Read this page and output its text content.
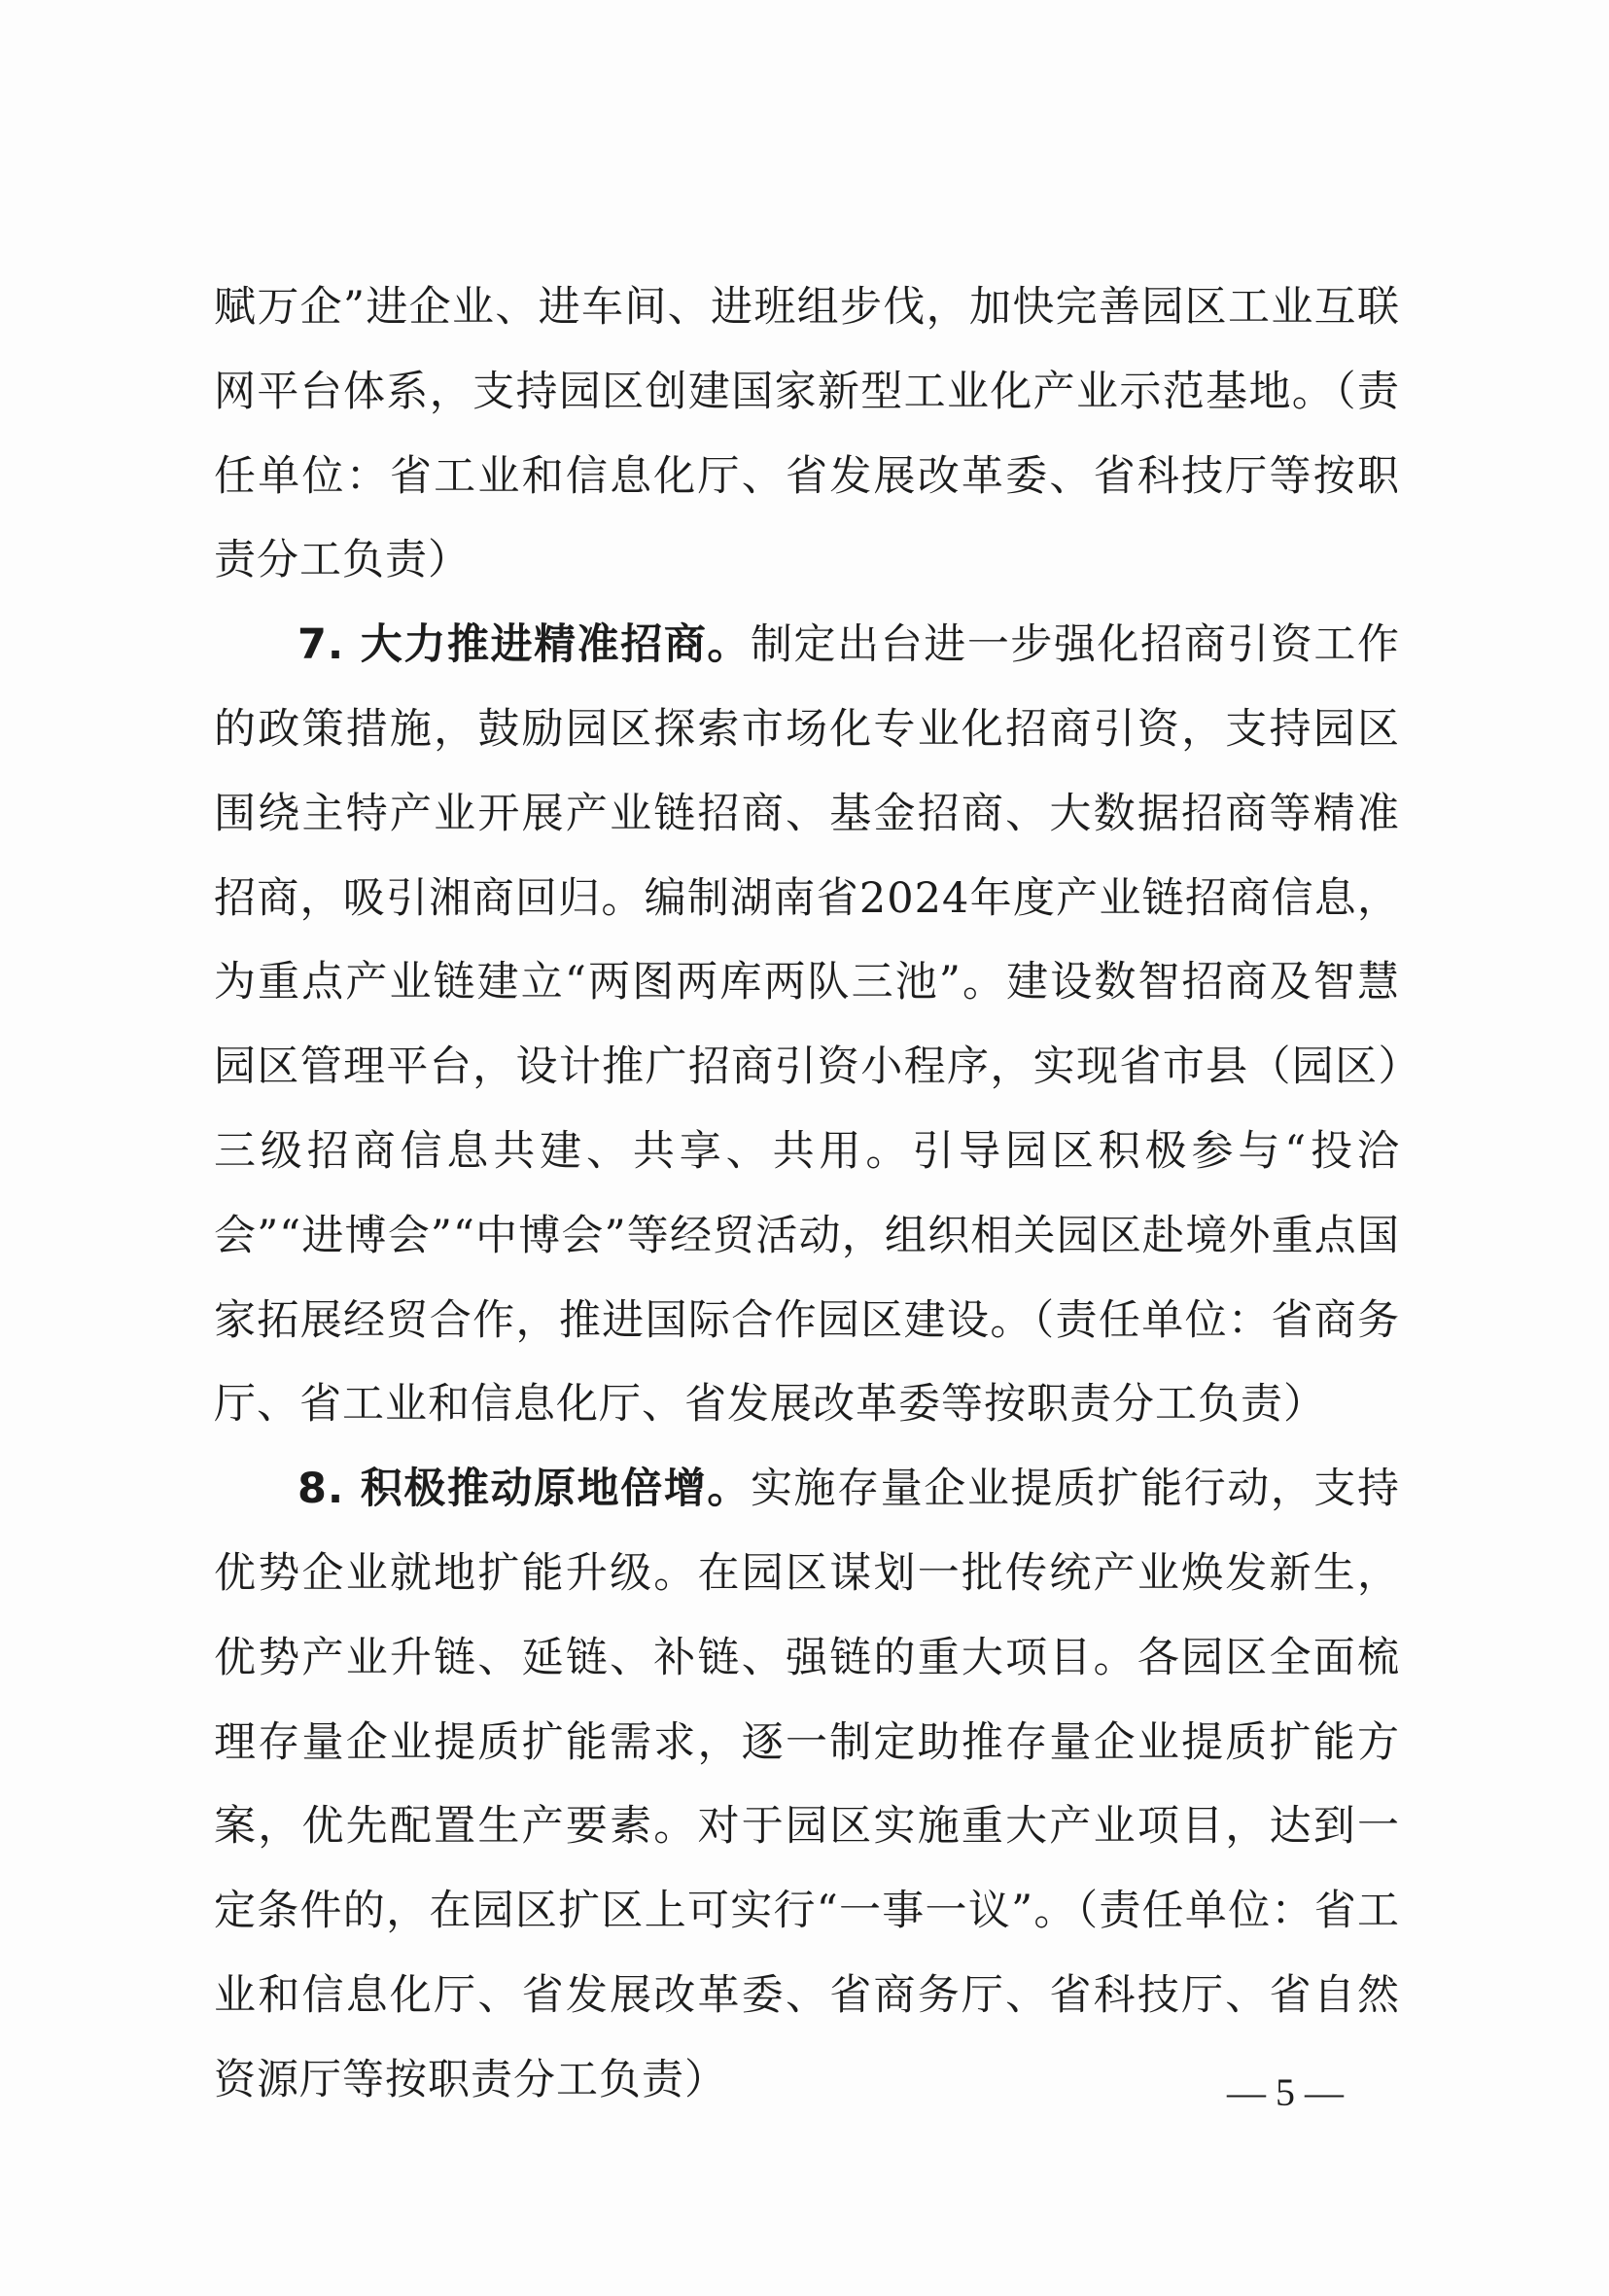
赋万企”进企业、进车间、进班组步伐，加快完善园区工业互联网平台体系，支持园区创建国家新型工业化产业示范基地。（责任单位：省工业和信息化厅、省发展改革委、省科技厅等按职责分工负责）

7. 大力推进精准招商。制定出台进一步强化招商引资工作的政策措施，鼓励园区探索市场化专业化招商引资，支持园区围绕主特产业开展产业链招商、基金招商、大数据招商等精准招商，吸引湘商回归。编制湖南省2024年度产业链招商信息，为重点产业链建立“两图两库两队三池”。建设数智招商及智慧园区管理平台，设计推广招商引资小程序，实现省市县（园区）三级招商信息共建、共享、共用。引导园区积极参与“投洽会”“进博会”“中博会”等经贸活动，组织相关园区赴境外重点国家拓展经贸合作，推进国际合作园区建设。（责任单位：省商务厅、省工业和信息化厅、省发展改革委等按职责分工负责）

8. 积极推动原地倍增。实施存量企业提质扩能行动，支持优势企业就地扩能升级。在园区谋划一批传统产业焕发新生，优势产业升链、延链、补链、强链的重大项目。各园区全面梳理存量企业提质扩能需求，逐一制定助推存量企业提质扩能方案，优先配置生产要素。对于园区实施重大产业项目，达到一定条件的，在园区扩区上可实行“一事一议”。（责任单位：省工业和信息化厅、省发展改革委、省商务厅、省科技厅、省自然资源厅等按职责分工负责）	— 5 —
